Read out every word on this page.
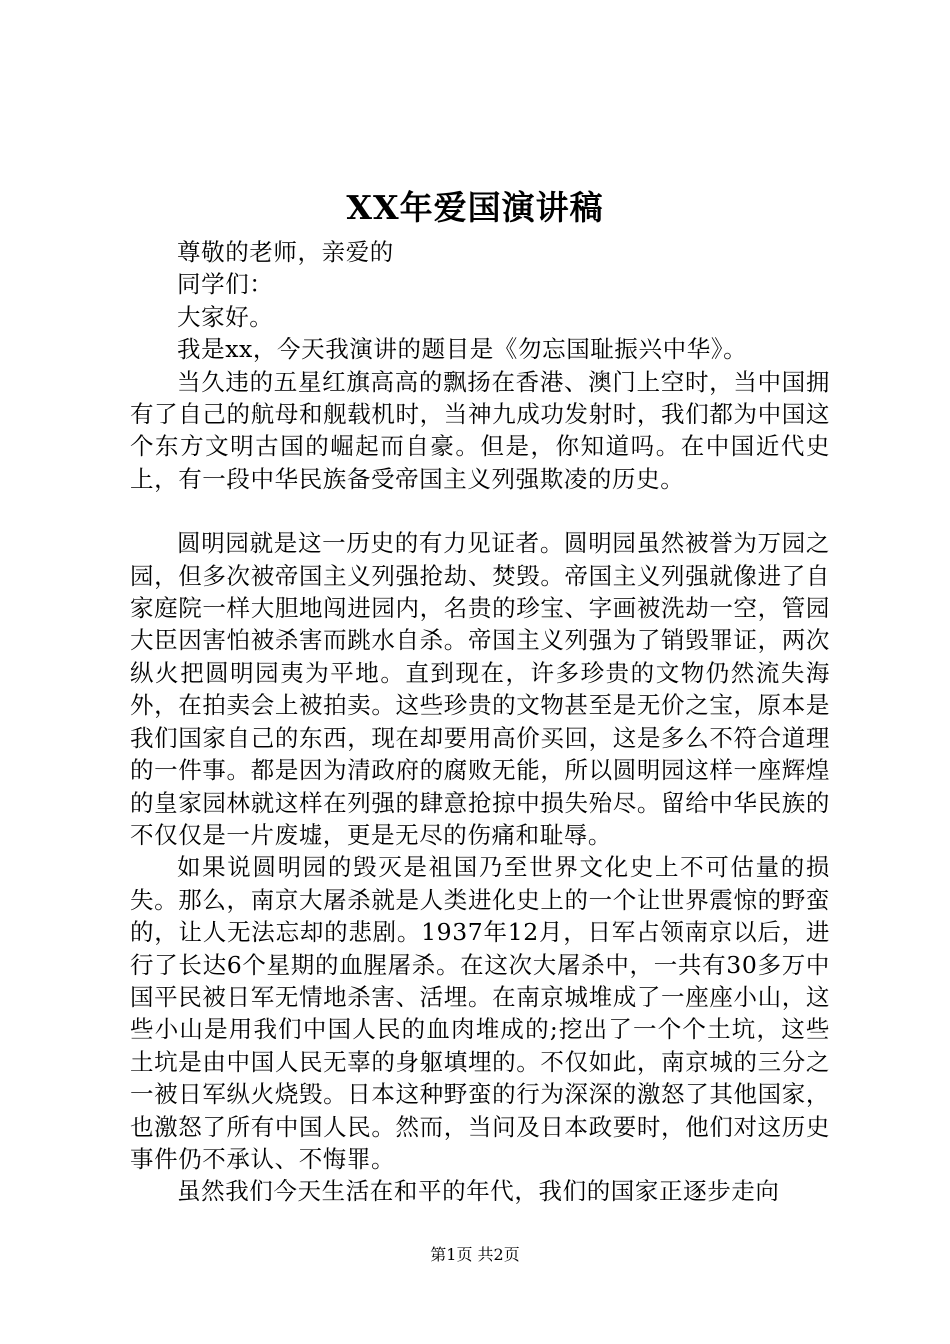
XX年爱国演讲稿

尊敬的老师，亲爱的

同学们：

大家好。

我是xx，今天我演讲的题目是《勿忘国耻振兴中华》。

当久违的五星红旗高高的飘扬在香港、澳门上空时，当中国拥有了自己的航母和舰载机时，当神九成功发射时，我们都为中国这个东方文明古国的崛起而自豪。但是，你知道吗。在中国近代史上，有一段中华民族备受帝国主义列强欺凌的历史。

圆明园就是这一历史的有力见证者。圆明园虽然被誉为万园之园，但多次被帝国主义列强抢劫、焚毁。帝国主义列强就像进了自家庭院一样大胆地闯进园内，名贵的珍宝、字画被洗劫一空，管园大臣因害怕被杀害而跳水自杀。帝国主义列强为了销毁罪证，两次纵火把圆明园夷为平地。直到现在，许多珍贵的文物仍然流失海外，在拍卖会上被拍卖。这些珍贵的文物甚至是无价之宝，原本是我们国家自己的东西，现在却要用高价买回，这是多么不符合道理的一件事。都是因为清政府的腐败无能，所以圆明园这样一座辉煌的皇家园林就这样在列强的肆意抢掠中损失殆尽。留给中华民族的不仅仅是一片废墟，更是无尽的伤痛和耻辱。

如果说圆明园的毁灭是祖国乃至世界文化史上不可估量的损失。那么，南京大屠杀就是人类进化史上的一个让世界震惊的野蛮的，让人无法忘却的悲剧。1937年12月，日军占领南京以后，进行了长达6个星期的血腥屠杀。在这次大屠杀中，一共有30多万中国平民被日军无情地杀害、活埋。在南京城堆成了一座座小山，这些小山是用我们中国人民的血肉堆成的;挖出了一个个土坑，这些土坑是由中国人民无辜的身躯填埋的。不仅如此，南京城的三分之一被日军纵火烧毁。日本这种野蛮的行为深深的激怒了其他国家，也激怒了所有中国人民。然而，当问及日本政要时，他们对这历史事件仍不承认、不悔罪。

虽然我们今天生活在和平的年代，我们的国家正逐步走向

第1页 共2页
